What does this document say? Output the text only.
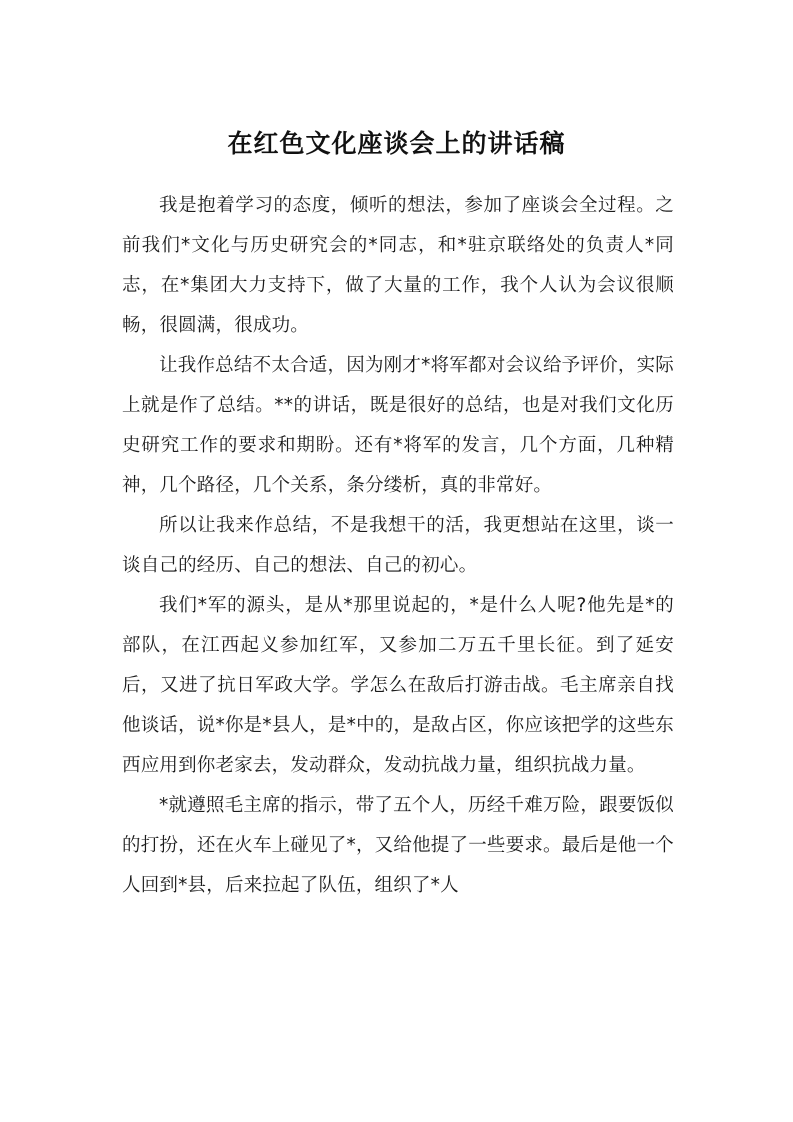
在红色文化座谈会上的讲话稿

我是抱着学习的态度，倾听的想法，参加了座谈会全过程。之前我们*文化与历史研究会的*同志，和*驻京联络处的负责人*同志，在*集团大力支持下，做了大量的工作，我个人认为会议很顺畅，很圆满，很成功。

让我作总结不太合适，因为刚才*将军都对会议给予评价，实际上就是作了总结。**的讲话，既是很好的总结，也是对我们文化历史研究工作的要求和期盼。还有*将军的发言，几个方面，几种精神，几个路径，几个关系，条分缕析，真的非常好。

所以让我来作总结，不是我想干的活，我更想站在这里，谈一谈自己的经历、自己的想法、自己的初心。

我们*军的源头，是从*那里说起的，*是什么人呢?他先是*的部队，在江西起义参加红军，又参加二万五千里长征。到了延安后，又进了抗日军政大学。学怎么在敌后打游击战。毛主席亲自找他谈话，说*你是*县人，是*中的，是敌占区，你应该把学的这些东西应用到你老家去，发动群众，发动抗战力量，组织抗战力量。

*就遵照毛主席的指示，带了五个人，历经千难万险，跟要饭似的打扮，还在火车上碰见了*，又给他提了一些要求。最后是他一个人回到*县，后来拉起了队伍，组织了*人
